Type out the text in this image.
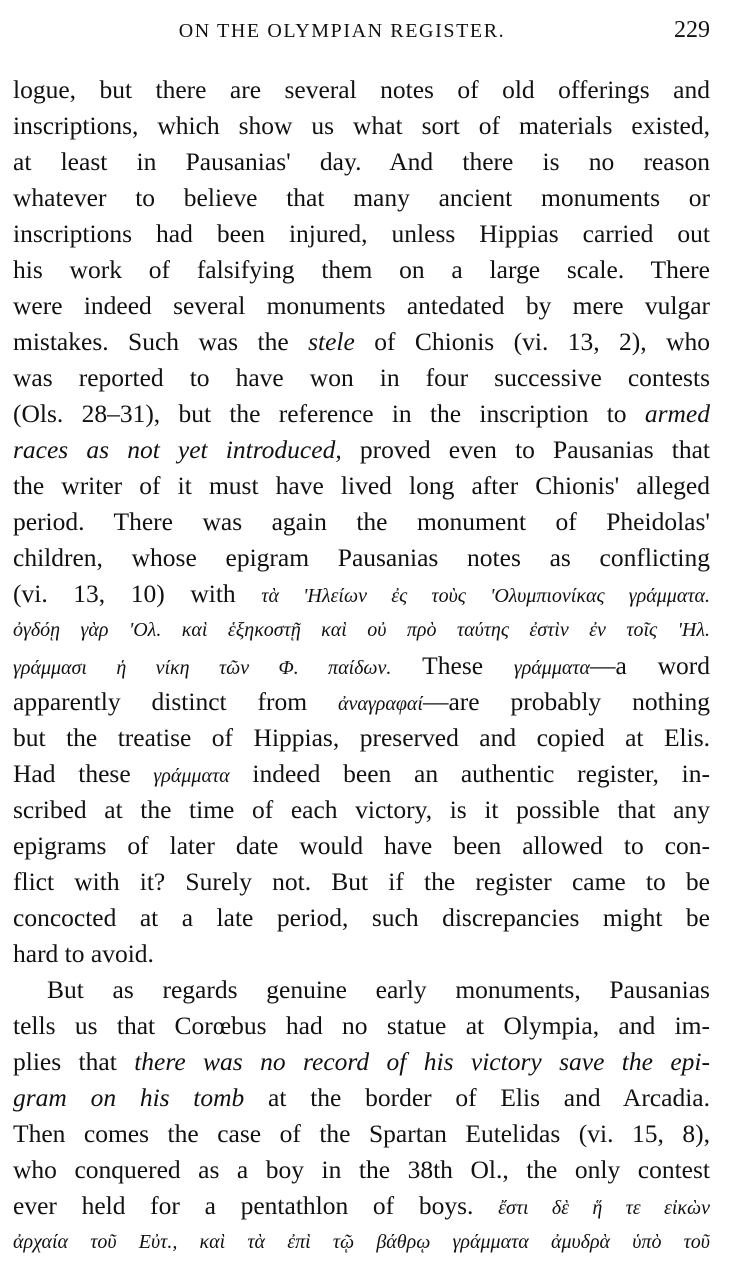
ON THE OLYMPIAN REGISTER.	229
logue, but there are several notes of old offerings and
inscriptions, which show us what sort of materials existed,
at least in Pausanias' day. And there is no reason
whatever to believe that many ancient monuments or
inscriptions had been injured, unless Hippias carried out
his work of falsifying them on a large scale. There
were indeed several monuments antedated by mere vulgar
mistakes. Such was the stele of Chionis (vi. 13, 2), who
was reported to have won in four successive contests
(Ols. 28–31), but the reference in the inscription to armed
races as not yet introduced, proved even to Pausanias that
the writer of it must have lived long after Chionis' alleged
period. There was again the monument of Pheidolas'
children, whose epigram Pausanias notes as conflicting
(vi. 13, 10) with τὰ 'Ηλείων ἐς τοὺς 'Ολυμπιονίκας γράμματα.
ὀγδόῃ γὰρ 'Ολ. καὶ ἑξηκοστῇ καὶ οὐ πρὸ ταύτης ἐστὶν ἐν τοῖς 'Ηλ.
γράμμασι ἡ νίκη τῶν Φ. παίδων. These γράμματα—a word
apparently distinct from ἀναγραφαί—are probably nothing
but the treatise of Hippias, preserved and copied at Elis.
Had these γράμματα indeed been an authentic register, in-
scribed at the time of each victory, is it possible that any
epigrams of later date would have been allowed to con-
flict with it? Surely not. But if the register came to be
concocted at a late period, such discrepancies might be
hard to avoid.
But as regards genuine early monuments, Pausanias
tells us that Corœbus had no statue at Olympia, and im-
plies that there was no record of his victory save the epi-
gram on his tomb at the border of Elis and Arcadia.
Then comes the case of the Spartan Eutelidas (vi. 15, 8),
who conquered as a boy in the 38th Ol., the only contest
ever held for a pentathlon of boys. ἔστι δὲ ἥ τε εἰκὼν
ἀρχαία τοῦ Εὐτ., καὶ τὰ ἐπὶ τῷ βάθρῳ γράμματα ἀμυδρὰ ὑπὸ τοῦ
